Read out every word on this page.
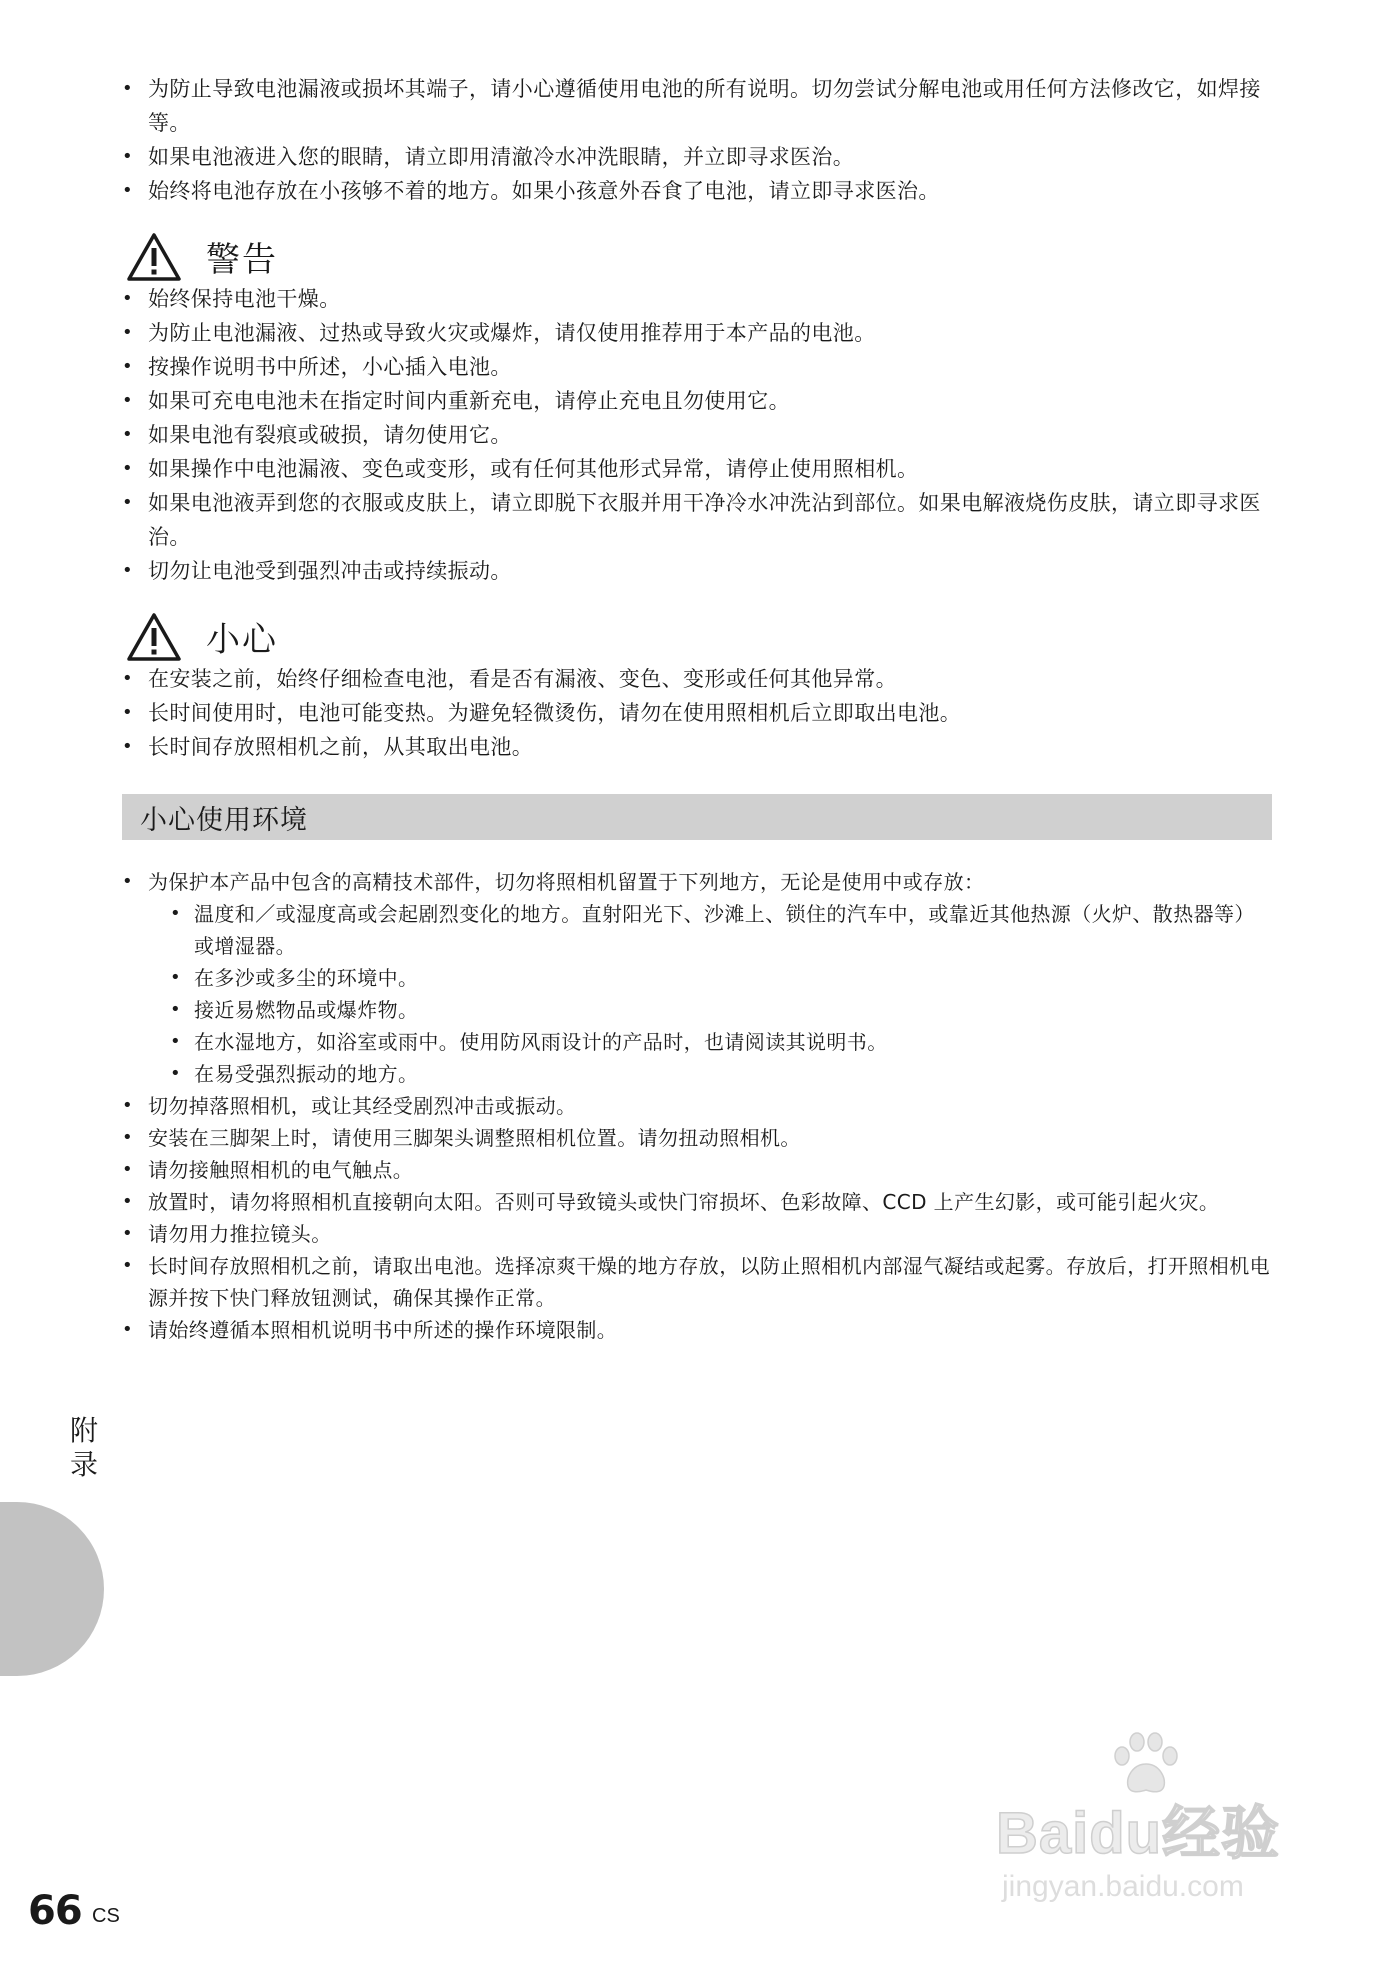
• 为防止导致电池漏液或损坏其端子，请小心遵循使用电池的所有说明。切勿尝试分解电池或用任何方法修改它，如焊接等。
• 如果电池液进入您的眼睛，请立即用清澈冷水冲洗眼睛，并立即寻求医治。
• 始终将电池存放在小孩够不着的地方。如果小孩意外吞食了电池，请立即寻求医治。
警告
• 始终保持电池干燥。
• 为防止电池漏液、过热或导致火灾或爆炸，请仅使用推荐用于本产品的电池。
• 按操作说明书中所述，小心插入电池。
• 如果可充电电池未在指定时间内重新充电，请停止充电且勿使用它。
• 如果电池有裂痕或破损，请勿使用它。
• 如果操作中电池漏液、变色或变形，或有任何其他形式异常，请停止使用照相机。
• 如果电池液弄到您的衣服或皮肤上，请立即脱下衣服并用干净冷水冲洗沾到部位。如果电解液烧伤皮肤，请立即寻求医治。
• 切勿让电池受到强烈冲击或持续振动。
小心
• 在安装之前，始终仔细检查电池，看是否有漏液、变色、变形或任何其他异常。
• 长时间使用时，电池可能变热。为避免轻微烫伤，请勿在使用照相机后立即取出电池。
• 长时间存放照相机之前，从其取出电池。
小心使用环境
• 为保护本产品中包含的高精技术部件，切勿将照相机留置于下列地方，无论是使用中或存放：
• 温度和／或湿度高或会起剧烈变化的地方。直射阳光下、沙滩上、锁住的汽车中，或靠近其他热源（火炉、散热器等）或增湿器。
• 在多沙或多尘的环境中。
• 接近易燃物品或爆炸物。
• 在水湿地方，如浴室或雨中。使用防风雨设计的产品时，也请阅读其说明书。
• 在易受强烈振动的地方。
• 切勿掉落照相机，或让其经受剧烈冲击或振动。
• 安装在三脚架上时，请使用三脚架头调整照相机位置。请勿扭动照相机。
• 请勿接触照相机的电气触点。
• 放置时，请勿将照相机直接朝向太阳。否则可导致镜头或快门帘损坏、色彩故障、CCD 上产生幻影，或可能引起火灾。
• 请勿用力推拉镜头。
• 长时间存放照相机之前，请取出电池。选择凉爽干燥的地方存放，以防止照相机内部湿气凝结或起雾。存放后，打开照相机电源并按下快门释放钮测试，确保其操作正常。
• 请始终遵循本照相机说明书中所述的操作环境限制。
附录
66 CS
Baidu经验
jingyan.baidu.com
